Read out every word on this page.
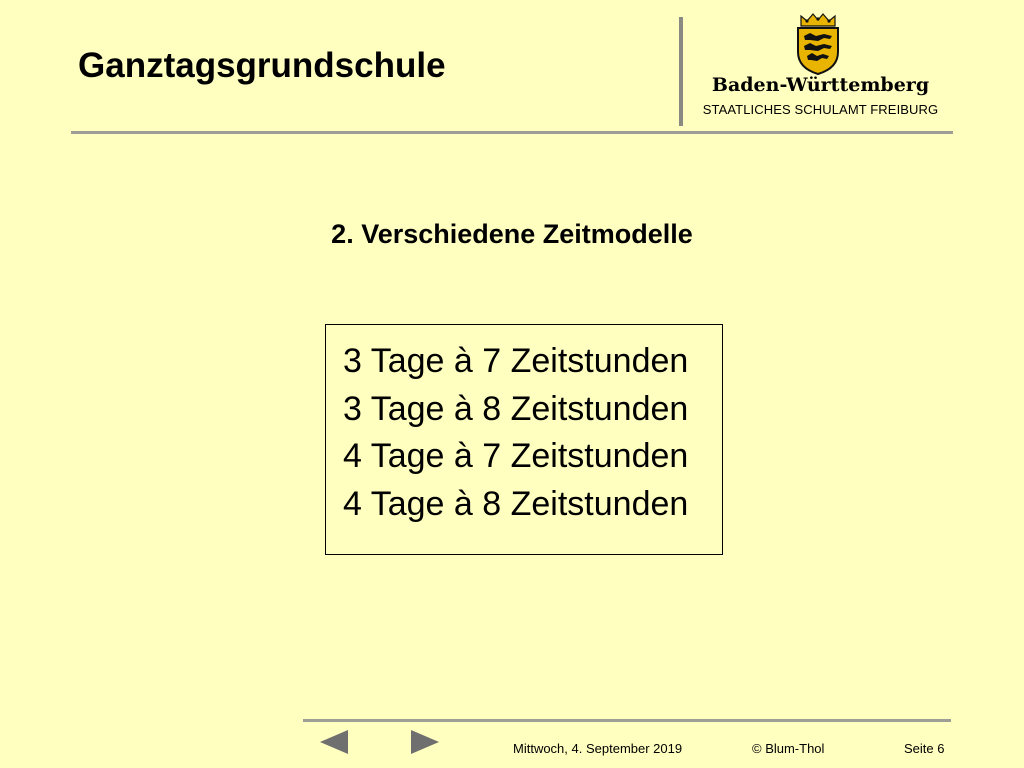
Ganztagsgrundschule	Baden-Württemberg
STAATLICHES SCHULAMT FREIBURG
2. Verschiedene Zeitmodelle
3 Tage à 7 Zeitstunden
3 Tage à 8 Zeitstunden
4 Tage à 7 Zeitstunden
4 Tage à 8 Zeitstunden
Mittwoch, 4. September 2019	© Blum-Thol	Seite 6
